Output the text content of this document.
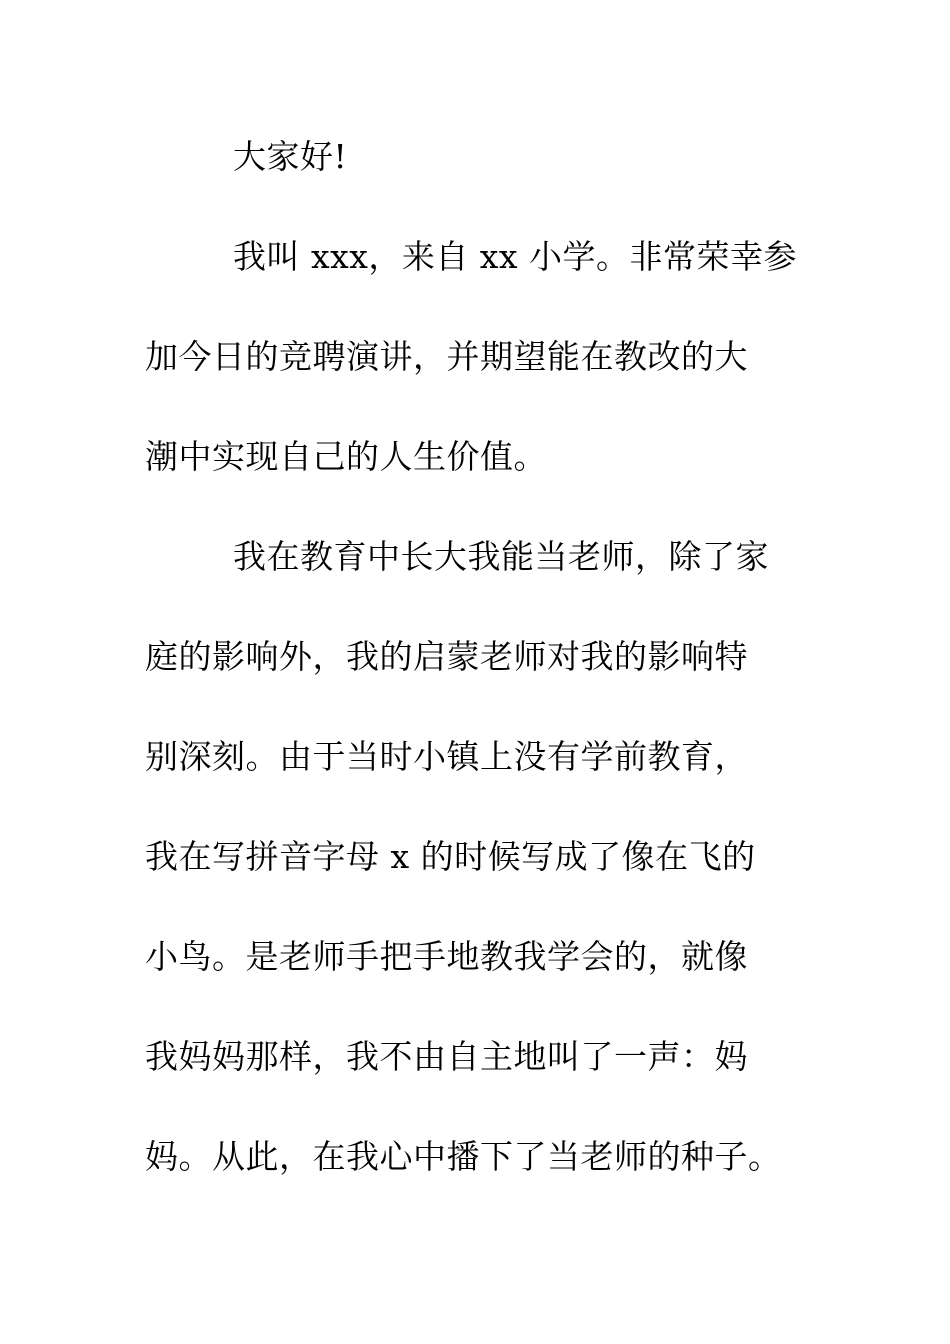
大家好!
我叫 xxx，来自 xx 小学。非常荣幸参
加今日的竞聘演讲，并期望能在教改的大
潮中实现自己的人生价值。
我在教育中长大我能当老师，除了家
庭的影响外，我的启蒙老师对我的影响特
别深刻。由于当时小镇上没有学前教育，
我在写拼音字母 x 的时候写成了像在飞的
小鸟。是老师手把手地教我学会的，就像
我妈妈那样，我不由自主地叫了一声：妈
妈。从此，在我心中播下了当老师的种子。
